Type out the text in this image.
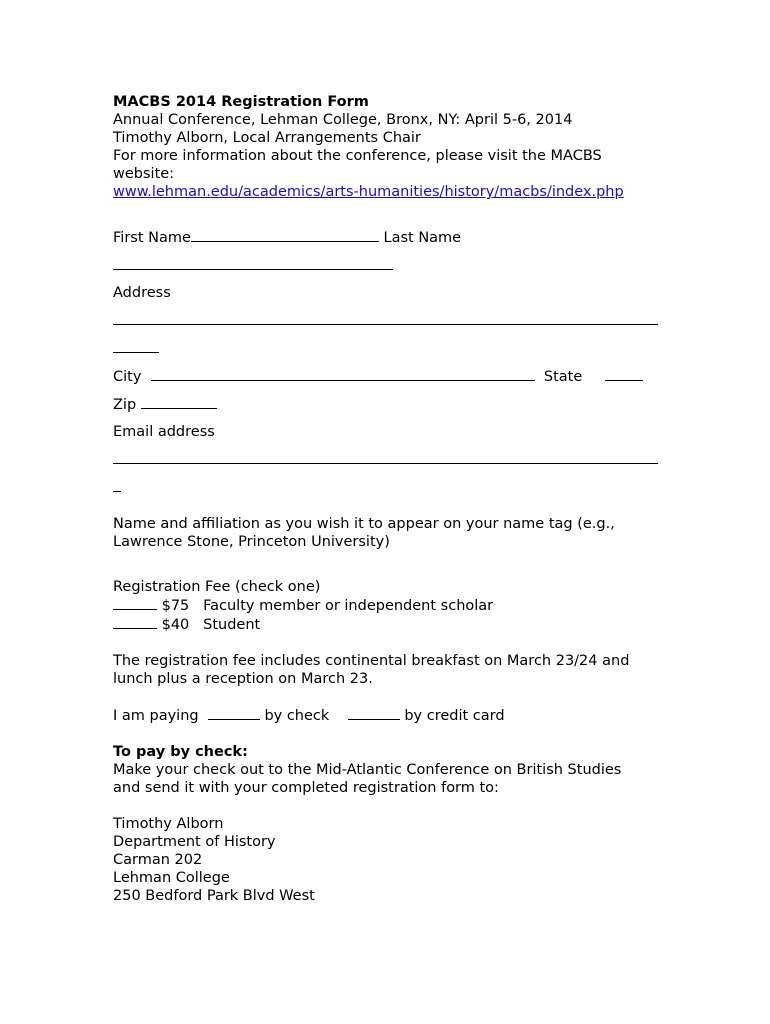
MACBS 2014 Registration Form
Annual Conference, Lehman College, Bronx, NY: April 5-6, 2014
Timothy Alborn, Local Arrangements Chair
For more information about the conference, please visit the MACBS
website:
www.lehman.edu/academics/arts-humanities/history/macbs/index.php
First Name	Last Name
Address
City	State
Zip
Email address
Name and affiliation as you wish it to appear on your name tag (e.g.,
Lawrence Stone, Princeton University)
Registration Fee (check one)
$75 Faculty member or independent scholar
$40 Student
The registration fee includes continental breakfast on March 23/24 and
lunch plus a reception on March 23.
I am paying	by check	by credit card
To pay by check:
Make your check out to the Mid-Atlantic Conference on British Studies
and send it with your completed registration form to:
Timothy Alborn
Department of History
Carman 202
Lehman College
250 Bedford Park Blvd West
